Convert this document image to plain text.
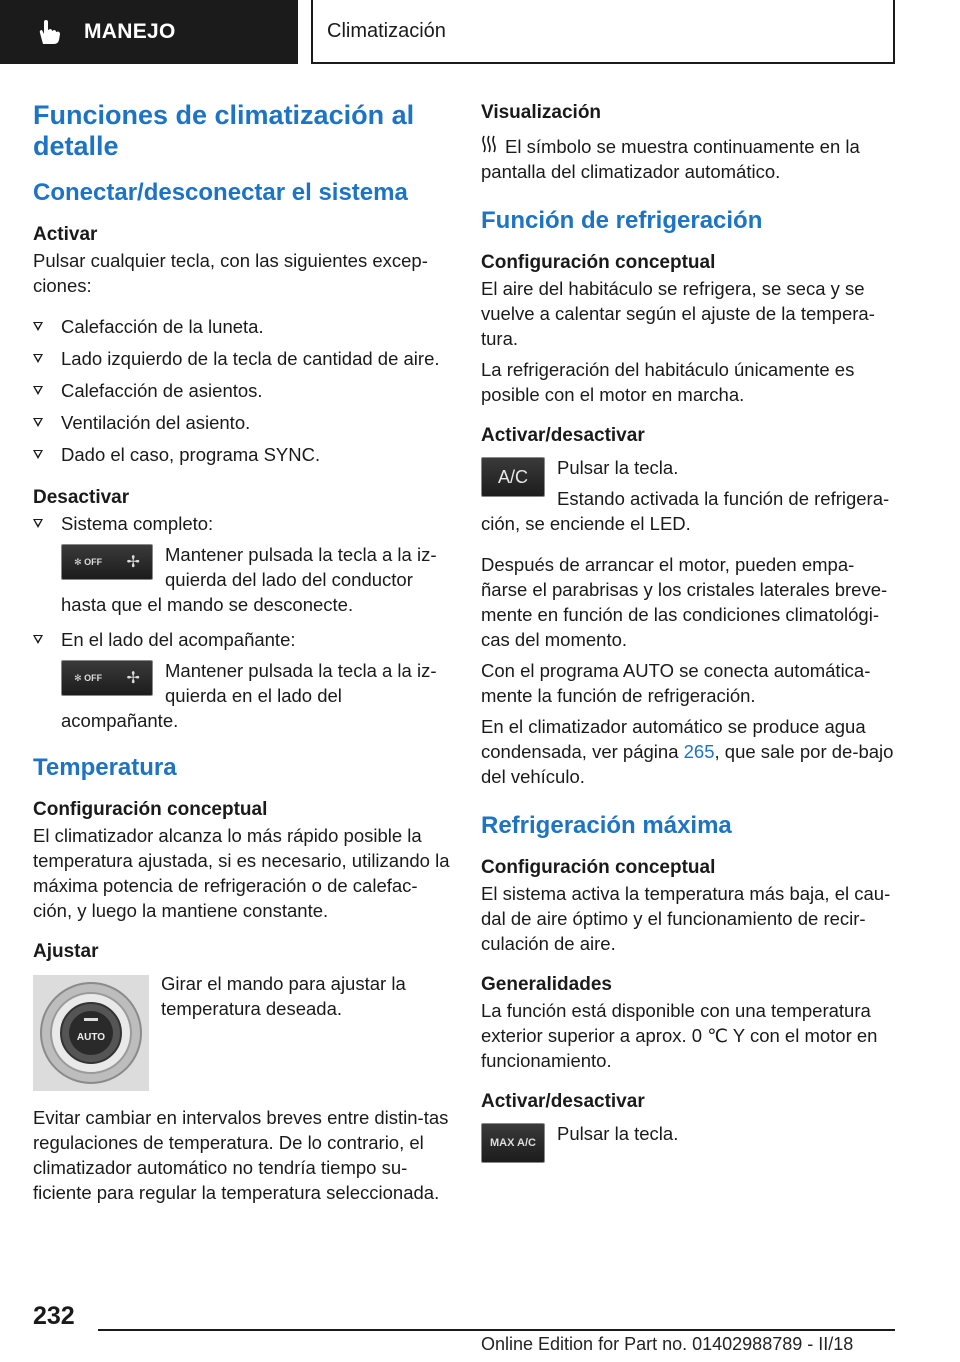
MANEJO	Climatización
Funciones de climatización al detalle
Conectar/desconectar el sistema
Activar

Pulsar cualquier tecla, con las siguientes excep-ciones:

Calefacción de la luneta.
Lado izquierdo de la tecla de cantidad de aire.
Calefacción de asientos.
Ventilación del asiento.
Dado el caso, programa SYNC.
Desactivar
Sistema completo:
✻ OFF ✢ Mantener pulsada la tecla a la iz-quierda del lado del conductor hasta que el mando se desconecte.
En el lado del acompañante:
✻ OFF ✢ Mantener pulsada la tecla a la iz-quierda en el lado del acompañante.
Temperatura
Configuración conceptual

El climatizador alcanza lo más rápido posible la temperatura ajustada, si es necesario, utilizando la máxima potencia de refrigeración o de calefac-ción, y luego la mantiene constante.

Ajustar
AUTO

Girar el mando para ajustar la temperatura deseada.

Evitar cambiar en intervalos breves entre distin-tas regulaciones de temperatura. De lo contrario, el climatizador automático no tendría tiempo su-ficiente para regular la temperatura seleccionada.

Visualización

El símbolo se muestra continuamente en la pantalla del climatizador automático.

Función de refrigeración
Configuración conceptual

El aire del habitáculo se refrigera, se seca y se vuelve a calentar según el ajuste de la tempera-tura.

La refrigeración del habitáculo únicamente es posible con el motor en marcha.

Activar/desactivar
A/C	Pulsar la tecla.

Estando activada la función de refrigera-ción, se enciende el LED.

Después de arrancar el motor, pueden empa-ñarse el parabrisas y los cristales laterales breve-mente en función de las condiciones climatológi-cas del momento.

Con el programa AUTO se conecta automática-mente la función de refrigeración.

En el climatizador automático se produce agua condensada, ver página 265, que sale por de-bajo del vehículo.

Refrigeración máxima
Configuración conceptual

El sistema activa la temperatura más baja, el cau-dal de aire óptimo y el funcionamiento de recir-culación de aire.

Generalidades

La función está disponible con una temperatura exterior superior a aprox. 0 ℃ Y con el motor en funcionamiento.

Activar/desactivar
MAX A/C	Pulsar la tecla.

232
Online Edition for Part no. 01402988789 - II/18
